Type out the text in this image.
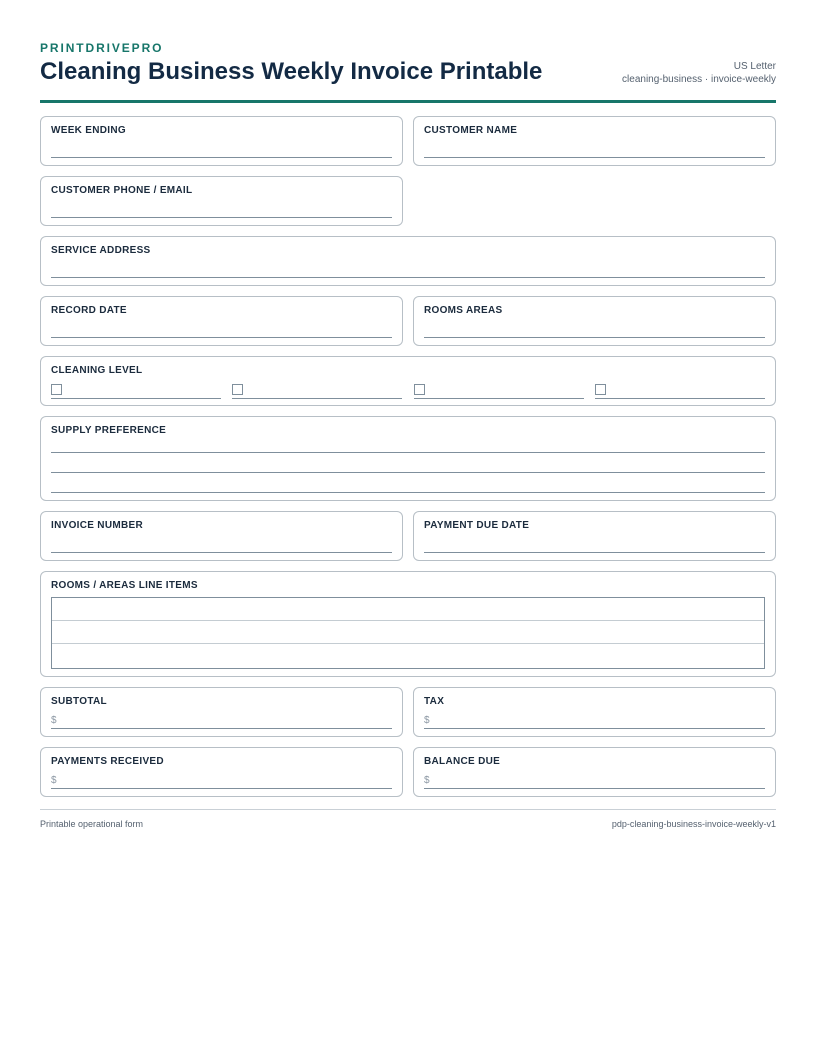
PRINTDRIVEPRO
Cleaning Business Weekly Invoice Printable	US Letter
cleaning-business · invoice-weekly
WEEK ENDING	CUSTOMER NAME
CUSTOMER PHONE / EMAIL
SERVICE ADDRESS
RECORD DATE	ROOMS AREAS
CLEANING LEVEL
SUPPLY PREFERENCE
INVOICE NUMBER	PAYMENT DUE DATE
ROOMS / AREAS LINE ITEMS
SUBTOTAL
$
TAX
$
PAYMENTS RECEIVED
$
BALANCE DUE
$
Printable operational form	pdp-cleaning-business-invoice-weekly-v1
